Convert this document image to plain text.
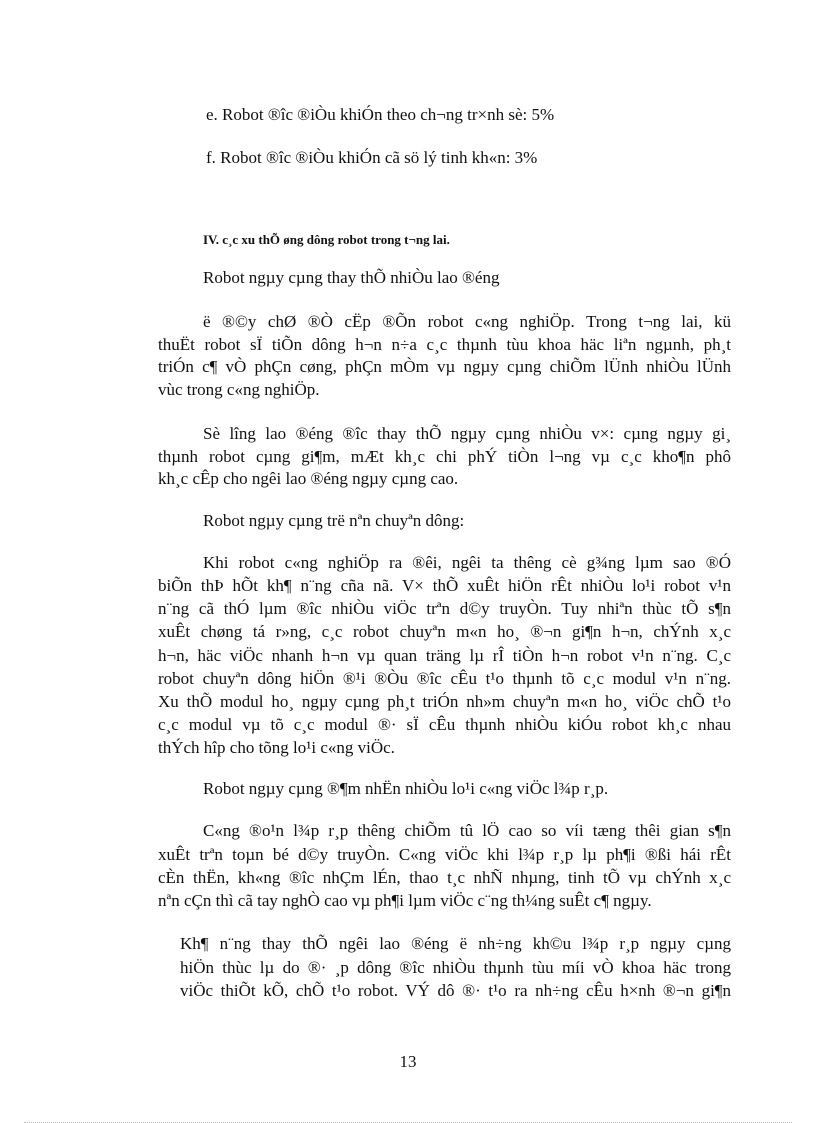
e. Robot ®îc ®iÒu khiÓn theo ch¬ng tr×nh sè: 5%
f. Robot ®îc ®iÒu khiÓn cã sö lý tinh kh«n: 3%
IV. c¸c xu thÕ øng dông robot trong t¬ng lai.
Robot ngµy cµng thay thÕ nhiÒu lao ®éng
ë ®©y chØ ®Ò cËp ®Õn robot c«ng nghiÖp. Trong t¬ng lai, kü
thuËt robot sÏ tiÕn dông h¬n n÷a c¸c thµnh tùu khoa häc liªn ngµnh, ph¸t
triÓn c¶ vÒ phÇn cøng, phÇn mÒm vµ ngµy cµng chiÕm lÜnh nhiÒu lÜnh
vùc trong c«ng nghiÖp.
Sè lîng lao ®éng ®îc thay thÕ ngµy cµng nhiÒu v×: cµng ngµy gi¸
thµnh robot cµng gi¶m, mÆt kh¸c chi phÝ tiÒn l¬ng vµ c¸c kho¶n phô
kh¸c cÊp cho ngêi lao ®éng ngµy cµng cao.
Robot ngµy cµng trë nªn chuyªn dông:
Khi robot c«ng nghiÖp ra ®êi, ngêi ta thêng cè g¾ng lµm sao ®Ó
biÕn thÞ hÕt kh¶ n¨ng cña nã. V× thÕ xuÊt hiÖn rÊt nhiÒu lo¹i robot v¹n
n¨ng cã thÓ lµm ®îc nhiÒu viÖc trªn d©y truyÒn. Tuy nhiªn thùc tÕ s¶n
xuÊt chøng tá r»ng, c¸c robot chuyªn m«n ho¸ ®¬n gi¶n h¬n, chÝnh x¸c
h¬n, häc viÖc nhanh h¬n vµ quan träng lµ rÎ tiÒn h¬n robot v¹n n¨ng. C¸c
robot chuyªn dông hiÖn ®¹i ®Òu ®îc cÊu t¹o thµnh tõ c¸c modul v¹n n¨ng.
Xu thÕ modul ho¸ ngµy cµng ph¸t triÓn nh»m chuyªn m«n ho¸ viÖc chÕ t¹o
c¸c modul vµ tõ c¸c modul ®· sÏ cÊu thµnh nhiÒu kiÓu robot kh¸c nhau
thÝch hîp cho tõng lo¹i c«ng viÖc.
Robot ngµy cµng ®¶m nhËn nhiÒu lo¹i c«ng viÖc l¾p r¸p.
C«ng ®o¹n l¾p r¸p thêng chiÕm tû lÖ cao so víi tæng thêi gian s¶n
xuÊt trªn toµn bé d©y truyÒn. C«ng viÖc khi l¾p r¸p lµ ph¶i ®ßi hái rÊt
cÈn thËn, kh«ng ®îc nhÇm lÉn, thao t¸c nhÑ nhµng, tinh tÕ vµ chÝnh x¸c
nªn cÇn thì cã tay nghÒ cao vµ ph¶i lµm viÖc c¨ng th¼ng suÊt c¶ ngµy.
Kh¶ n¨ng thay thÕ ngêi lao ®éng ë nh÷ng kh©u l¾p r¸p ngµy cµng
hiÖn thùc lµ do ®· ¸p dông ®îc nhiÒu thµnh tùu míi vÒ khoa häc trong
viÖc thiÕt kÕ, chÕ t¹o robot. VÝ dô ®· t¹o ra nh÷ng cÊu h×nh ®¬n gi¶n
13
